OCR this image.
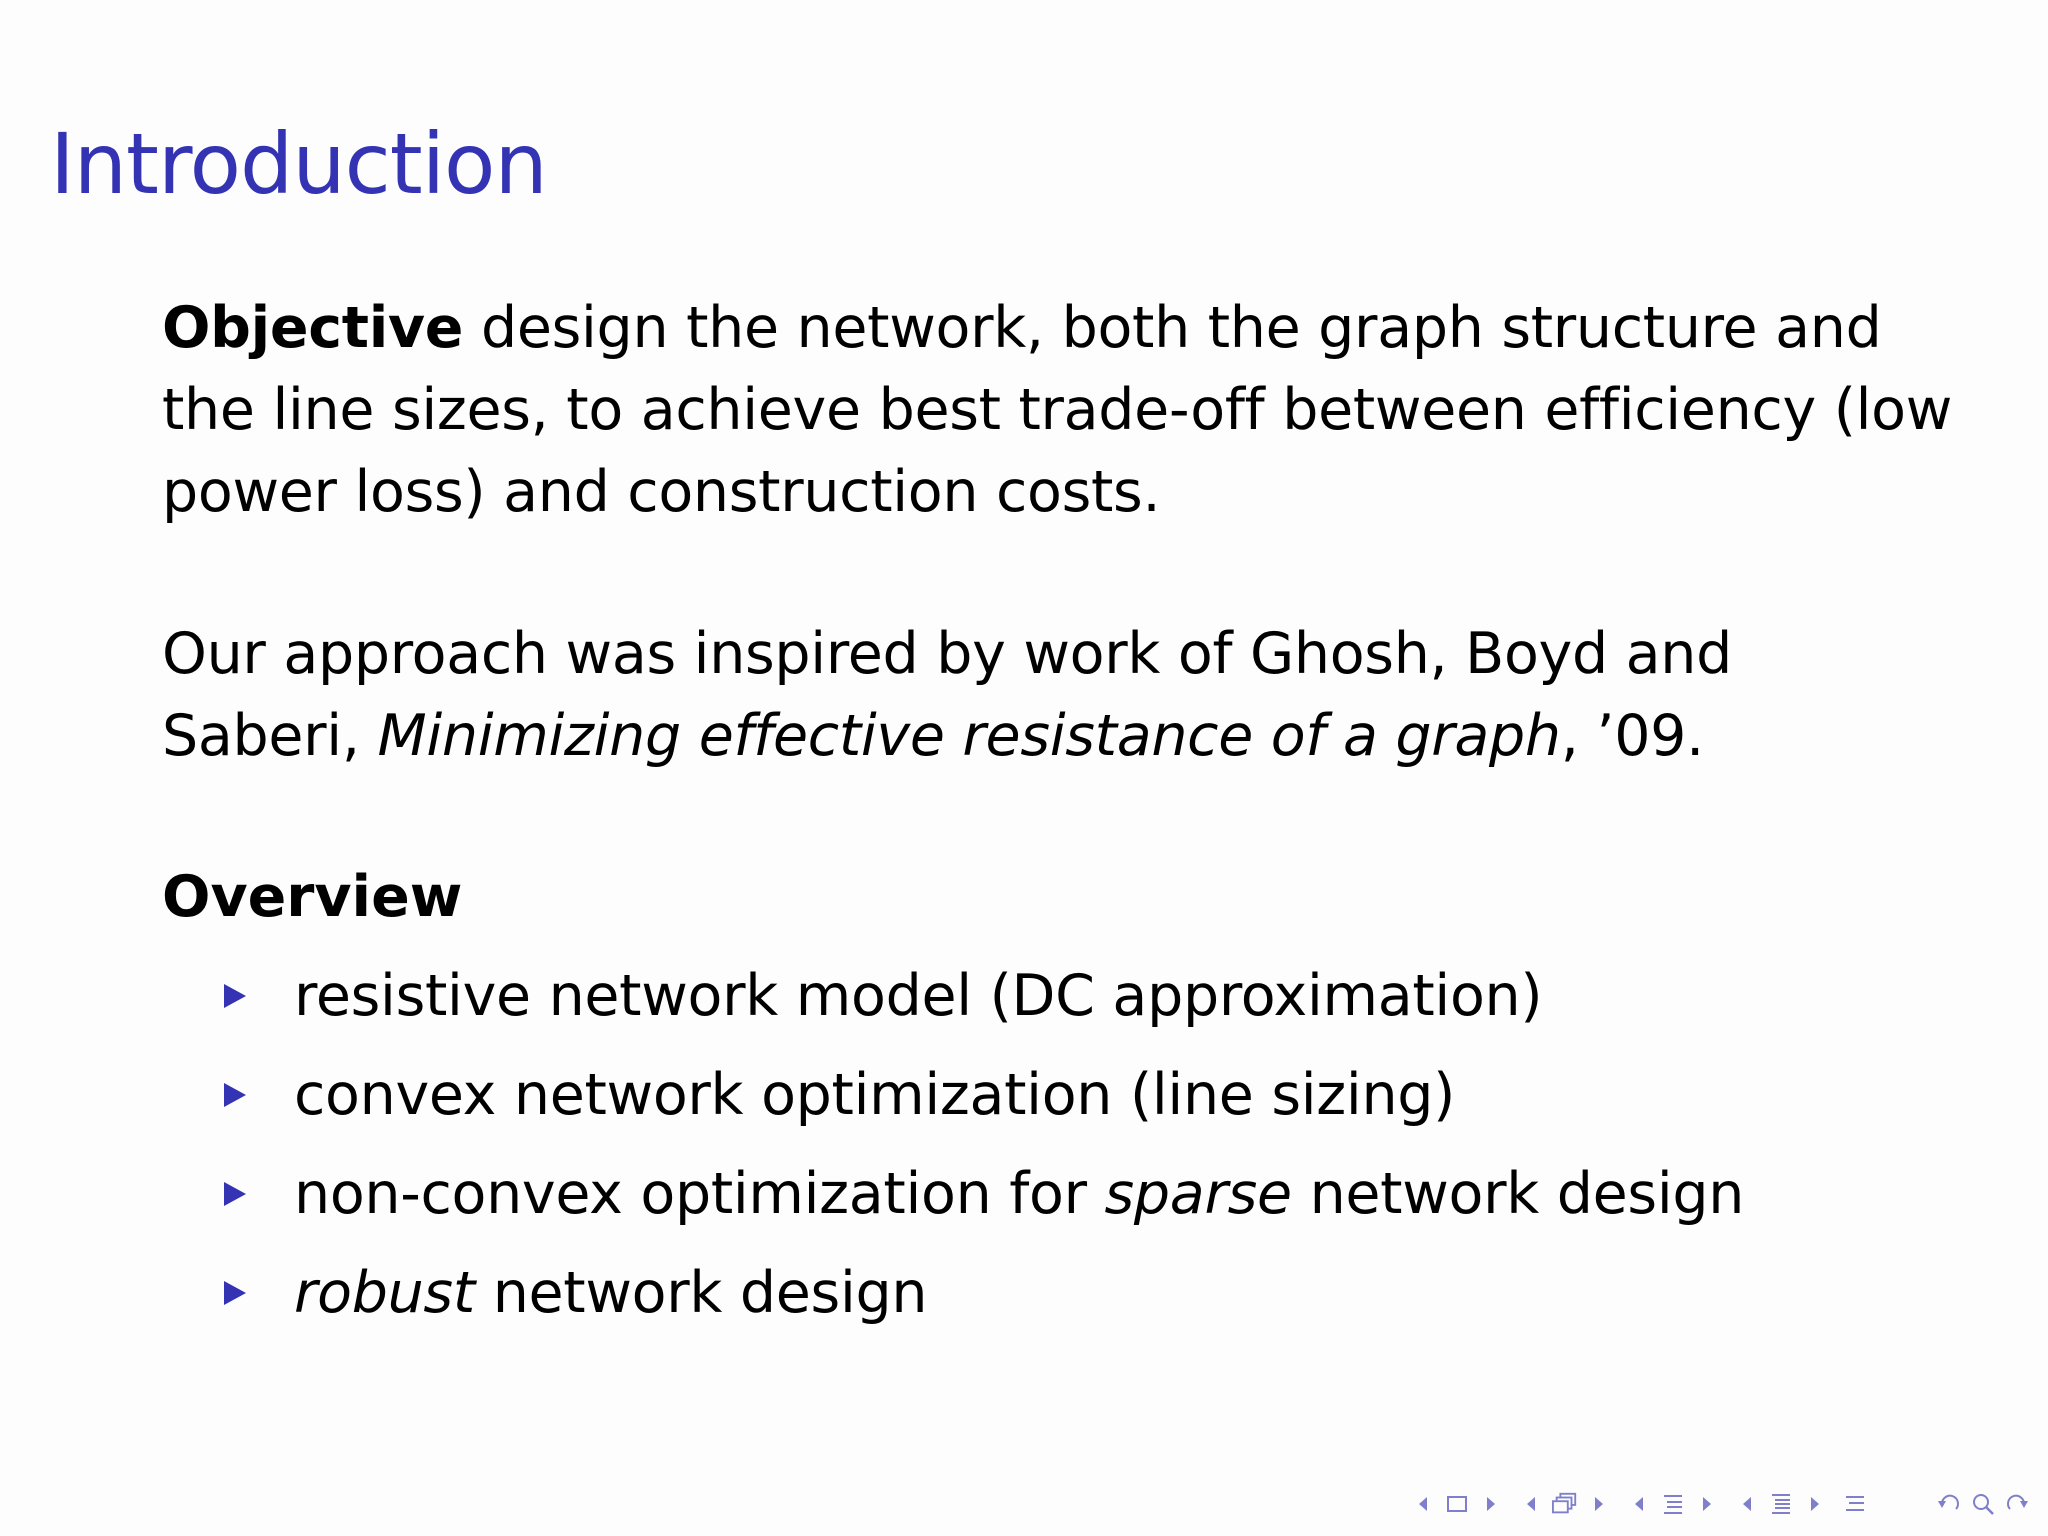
Introduction
Objective design the network, both the graph structure and
the line sizes, to achieve best trade-off between efficiency (low
power loss) and construction costs.
Our approach was inspired by work of Ghosh, Boyd and
Saberi, Minimizing effective resistance of a graph, ’09.
Overview
resistive network model (DC approximation)
convex network optimization (line sizing)
non-convex optimization for sparse network design
robust network design
